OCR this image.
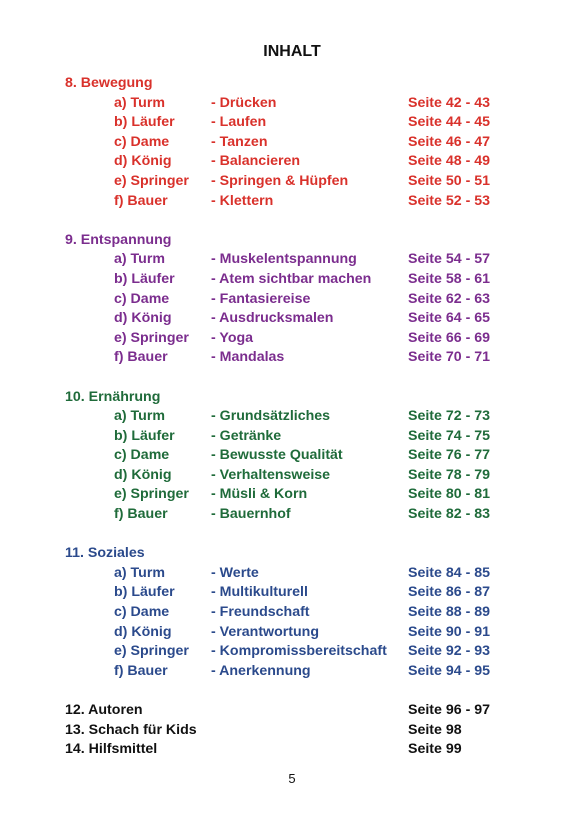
INHALT
8. Bewegung
a) Turm	- Drücken	Seite 42 - 43
b) Läufer	- Laufen	Seite 44 - 45
c) Dame	- Tanzen	Seite 46 - 47
d) König	- Balancieren	Seite 48 - 49
e) Springer - Springen & Hüpfen	Seite 50 - 51
f) Bauer	- Klettern	Seite 52 - 53
9. Entspannung
a) Turm	- Muskelentspannung	Seite 54 - 57
b) Läufer	- Atem sichtbar machen	Seite 58 - 61
c) Dame	- Fantasiereise	Seite 62 - 63
d) König	- Ausdrucksmalen	Seite 64 - 65
e) Springer - Yoga	Seite 66 - 69
f) Bauer	- Mandalas	Seite 70 - 71
10. Ernährung
a) Turm	- Grundsätzliches	Seite 72 - 73
b) Läufer	- Getränke	Seite 74 - 75
c) Dame	- Bewusste Qualität	Seite 76 - 77
d) König	- Verhaltensweise	Seite 78 - 79
e) Springer - Müsli & Korn	Seite 80 - 81
f) Bauer	- Bauernhof	Seite 82 - 83
11. Soziales
a) Turm	- Werte	Seite 84 - 85
b) Läufer	- Multikulturell	Seite 86 - 87
c) Dame	- Freundschaft	Seite 88 - 89
d) König	- Verantwortung	Seite 90 - 91
e) Springer - Kompromissbereitschaft Seite 92 - 93
f) Bauer	- Anerkennung	Seite 94 - 95
12. Autoren	Seite 96 - 97
13. Schach für Kids	Seite 98
14. Hilfsmittel	Seite 99
5
